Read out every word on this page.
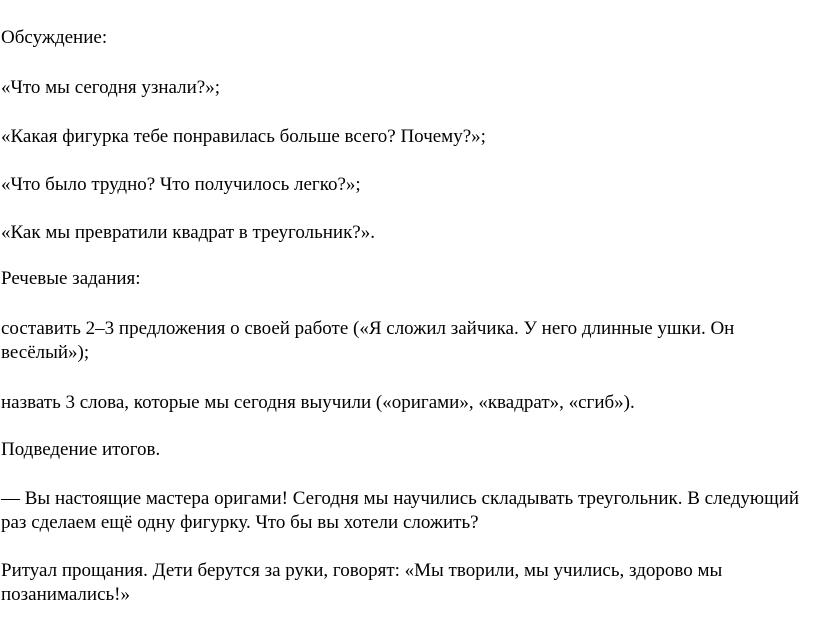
Обсуждение:

«Что мы сегодня узнали?»;

«Какая фигурка тебе понравилась больше всего? Почему?»;

«Что было трудно? Что получилось легко?»;

«Как мы превратили квадрат в треугольник?».

Речевые задания:

составить 2–3 предложения о своей работе («Я сложил зайчика. У него длинные ушки. Он весёлый»);

назвать 3 слова, которые мы сегодня выучили («оригами», «квадрат», «сгиб»).

Подведение итогов.

— Вы настоящие мастера оригами! Сегодня мы научились складывать треугольник. В следующий раз сделаем ещё одну фигурку. Что бы вы хотели сложить?

Ритуал прощания. Дети берутся за руки, говорят: «Мы творили, мы учились, здорово мы позанимались!»
